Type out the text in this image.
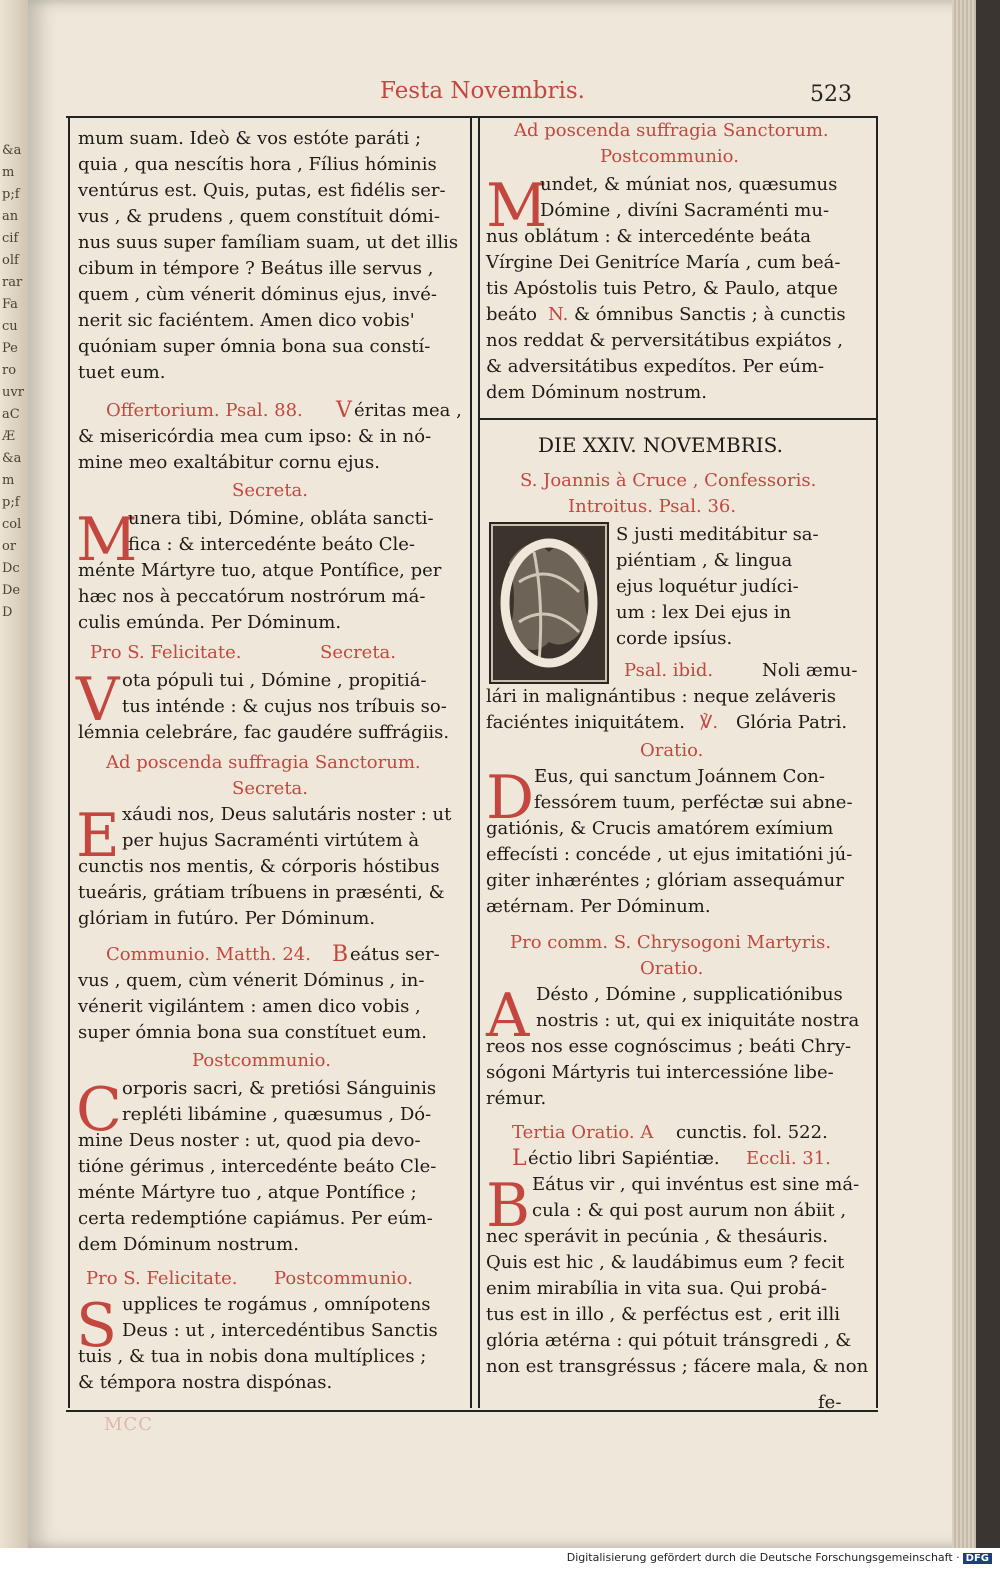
&amp;fancifolfrarFacuPerouvraCÆ&amp;fcolorDcDeD
Festa Novembris.	523
mum suam. Ideò & vos estóte paráti ;
quia , qua nescítis hora , Fílius hóminis
ventúrus est. Quis, putas, est fidélis ser-
vus , & prudens , quem constítuit dómi-
nus suus super famíliam suam, ut det illis
cibum in témpore ? Beátus ille servus ,
quem , cùm vénerit dóminus ejus, invé-
nerit sic faciéntem. Amen dico vobis'
quóniam super ómnia bona sua constí-
tuet eum.
Offertorium. Psal. 88. V éritas mea ,
& misericórdia mea cum ipso: & in nó-
mine meo exaltábitur cornu ejus.
Secreta.
M
unera tibi, Dómine, obláta sancti-
fica : & intercedénte beáto Cle-
ménte Mártyre tuo, atque Pontífice, per
hæc nos à peccatórum nostrórum má-
culis emúnda. Per Dóminum.
Pro S. Felicitate.	Secreta.
V ota pópuli tui , Dómine , propitiá-
tus inténde : & cujus nos tríbuis so-
lémnia celebráre, fac gaudére suffrágiis.
Ad poscenda suffragia Sanctorum.
Secreta.
E xáudi nos, Deus salutáris noster : ut
per hujus Sacraménti virtútem à
cunctis nos mentis, & córporis hóstibus
tueáris, grátiam tríbuens in præsénti, &
glóriam in futúro. Per Dóminum.
Communio. Matth. 24. B eátus ser-
vus , quem, cùm vénerit Dóminus , in-
vénerit vigilántem : amen dico vobis ,
super ómnia bona sua constítuet eum.
Postcommunio.
C orporis sacri, & pretiósi Sánguinis
repléti libámine , quæsumus , Dó-
mine Deus noster : ut, quod pia devo-
tióne gérimus , intercedénte beáto Cle-
ménte Mártyre tuo , atque Pontífice ;
certa redemptióne capiámus. Per eúm-
dem Dóminum nostrum.
Pro S. Felicitate. Postcommunio.
S upplices te rogámus , omnípotens
Deus : ut , intercedéntibus Sanctis
tuis , & tua in nobis dona multíplices ;
& témpora nostra dispónas.
Ad poscenda suffragia Sanctorum.
Postcommunio.
M
undet, & múniat nos, quæsumus
Dómine , divíni Sacraménti mu-
nus oblátum : & intercedénte beáta
Vírgine Dei Genitríce María , cum beá-
tis Apóstolis tuis Petro, & Paulo, atque
beáto N. & ómnibus Sanctis ; à cunctis
nos reddat & perversitátibus expiátos ,
& adversitátibus expedítos. Per eúm-
dem Dóminum nostrum.
DIE XXIV. NOVEMBRIS.
S. Joannis à Cruce , Confessoris.
Introitus. Psal. 36.
S justi meditábitur sa-
piéntiam , & lingua
ejus loquétur judíci-
um : lex Dei ejus in
corde ipsíus.
Psal. ibid.	Noli æmu-
lári in malignántibus : neque zeláveris
faciéntes iniquitátem. ℣. Glória Patri.
Oratio.
D Eus, qui sanctum Joánnem Con-
fessórem tuum, perféctæ sui abne-
gatiónis, & Crucis amatórem exímium
effecísti : concéde , ut ejus imitatióni jú-
giter inhæréntes ; glóriam assequámur
ætérnam. Per Dóminum.
Pro comm. S. Chrysogoni Martyris.
Oratio.
A Désto , Dómine , supplicatiónibus
nostris : ut, qui ex iniquitáte nostra
reos nos esse cognóscimus ; beáti Chry-
sógoni Mártyris tui intercessióne libe-
rémur.
Tertia Oratio. A cunctis. fol. 522.
L éctio libri Sapiéntiæ. Eccli. 31.
B Eátus vir , qui invéntus est sine má-
cula : & qui post aurum non ábiit ,
nec sperávit in pecúnia , & thesáuris.
Quis est hic , & laudábimus eum ? fecit
enim mirabília in vita sua. Qui probá-
tus est in illo , & perféctus est , erit illi
glória ætérna : qui pótuit tránsgredi , &
non est transgréssus ; fácere mala, & non
fe-
MCC
Digitalisierung gefördert durch die Deutsche Forschungsgemeinschaft · DFG
